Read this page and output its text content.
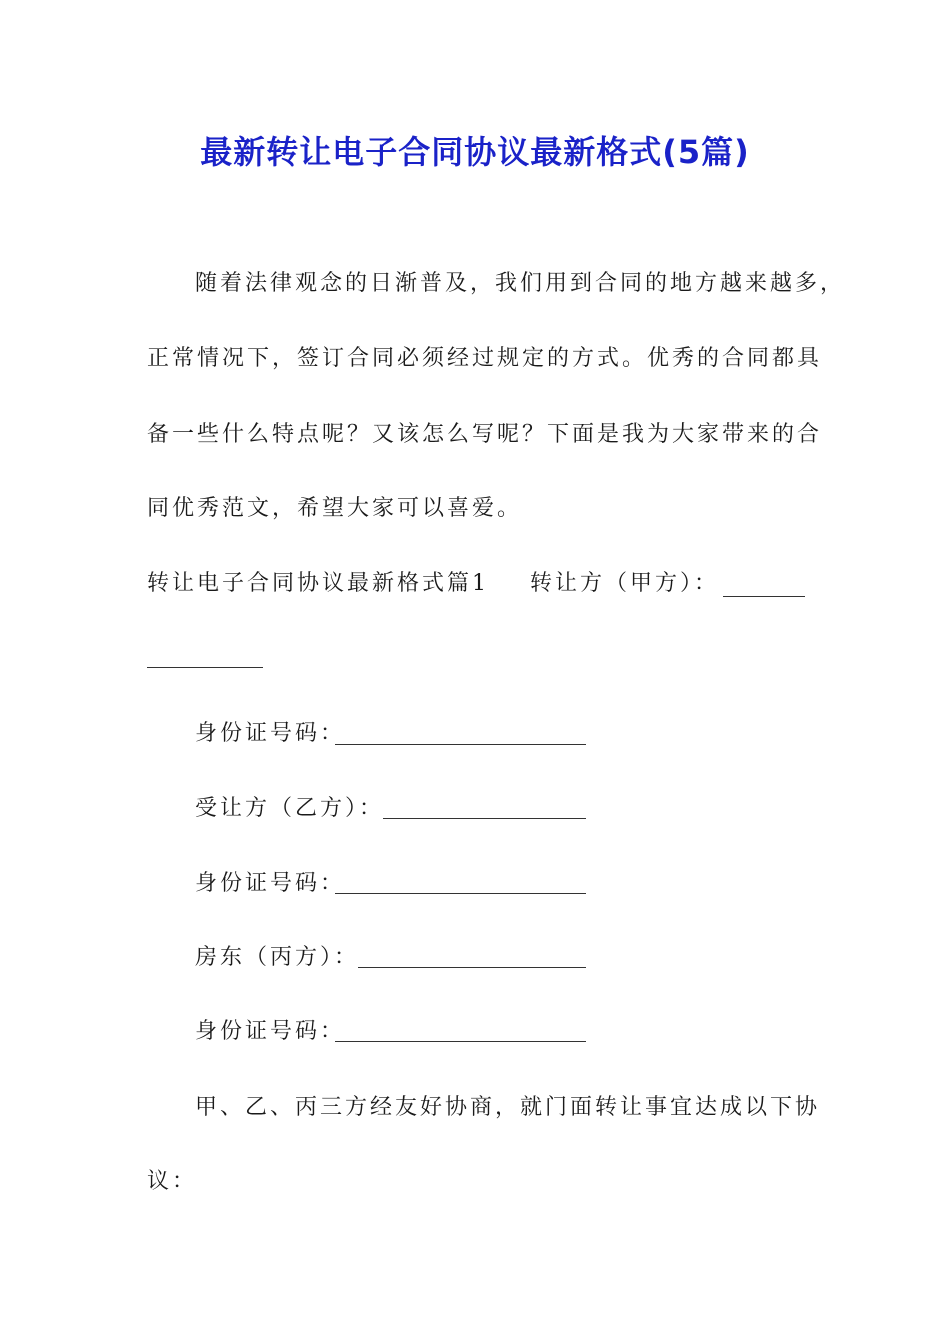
最新转让电子合同协议最新格式(5篇)
随着法律观念的日渐普及，我们用到合同的地方越来越多，
正常情况下，签订合同必须经过规定的方式。优秀的合同都具
备一些什么特点呢？又该怎么写呢？下面是我为大家带来的合
同优秀范文，希望大家可以喜爱。
转让电子合同协议最新格式篇1 转让方（甲方）：
身份证号码：
受让方（乙方）：
身份证号码：
房东（丙方）：
身份证号码：
甲、乙、丙三方经友好协商，就门面转让事宜达成以下协
议：
